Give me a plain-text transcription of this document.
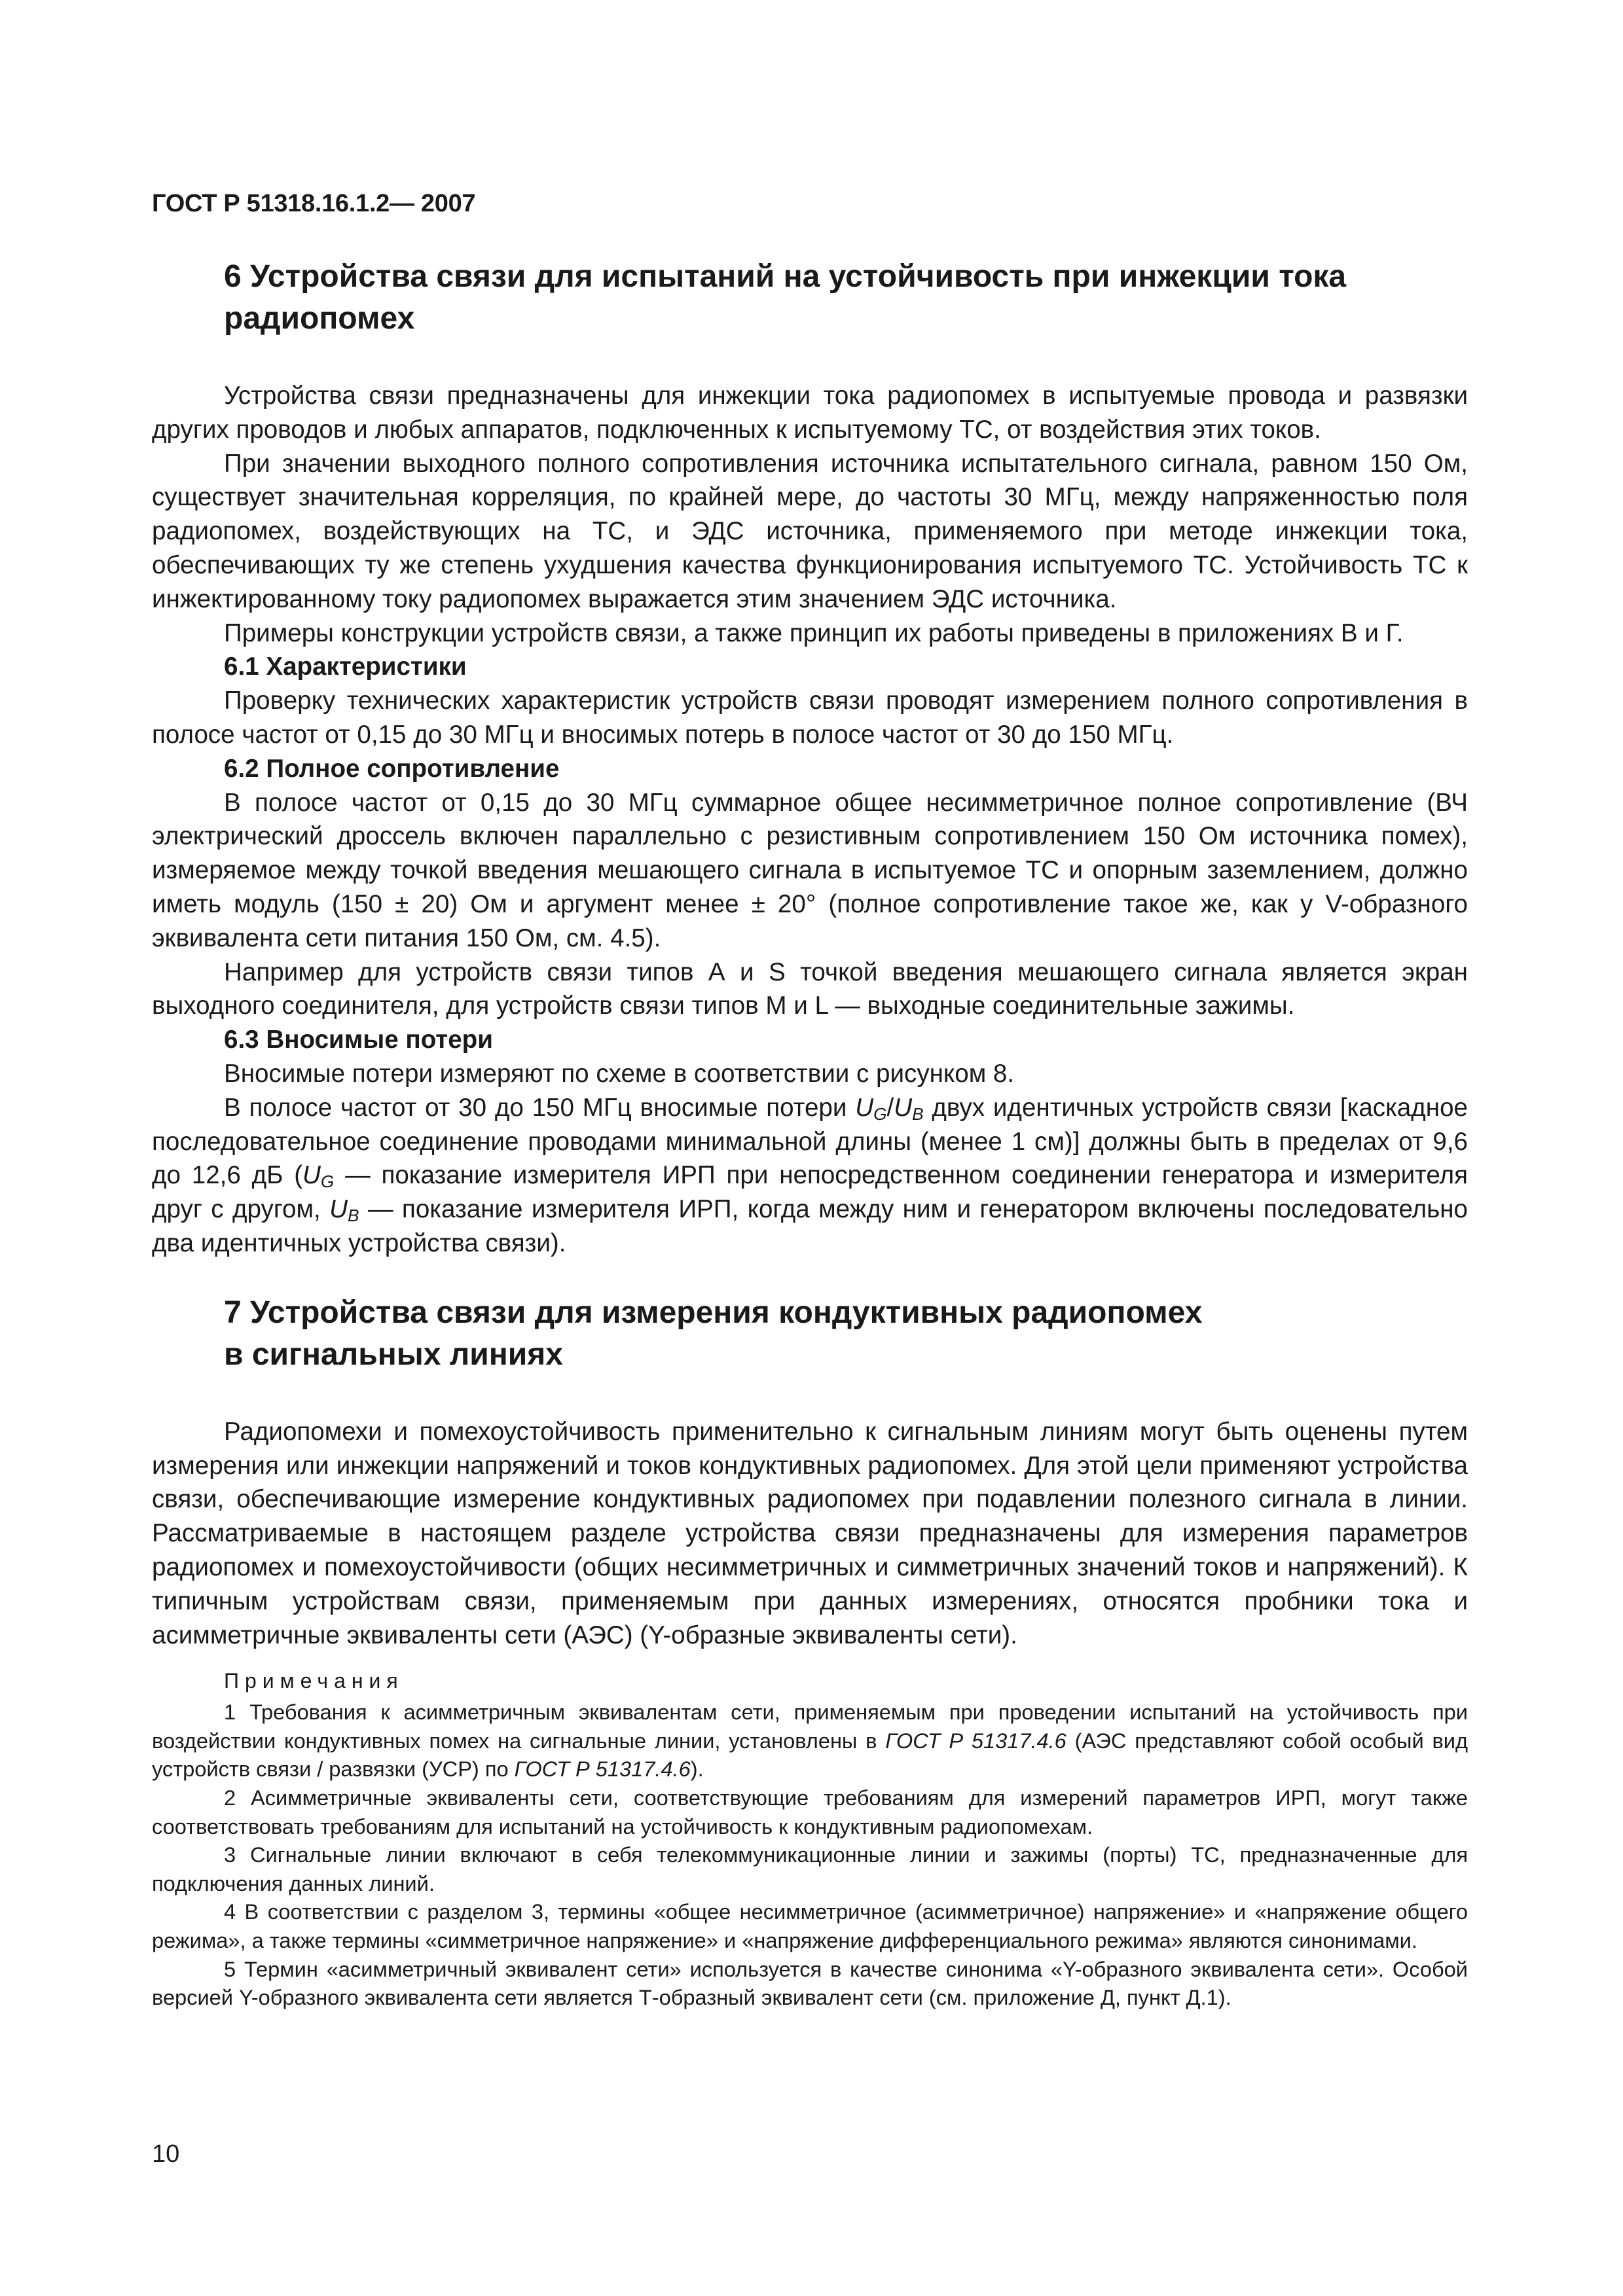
ГОСТ Р 51318.16.1.2— 2007
6 Устройства связи для испытаний на устойчивость при инжекции тока
радиопомех

Устройства связи предназначены для инжекции тока радиопомех в испытуемые провода и развязки других проводов и любых аппаратов, подключенных к испытуемому ТС, от воздействия этих токов.

При значении выходного полного сопротивления источника испытательного сигнала, равном 150 Ом, существует значительная корреляция, по крайней мере, до частоты 30 МГц, между напряженностью поля радиопомех, воздействующих на ТС, и ЭДС источника, применяемого при методе инжекции тока, обеспечивающих ту же степень ухудшения качества функционирования испытуемого ТС. Устойчивость ТС к инжектированному току радиопомех выражается этим значением ЭДС источника.

Примеры конструкции устройств связи, а также принцип их работы приведены в приложениях В и Г.

6.1 Характеристики

Проверку технических характеристик устройств связи проводят измерением полного сопротивления в полосе частот от 0,15 до 30 МГц и вносимых потерь в полосе частот от 30 до 150 МГц.

6.2 Полное сопротивление

В полосе частот от 0,15 до 30 МГц суммарное общее несимметричное полное сопротивление (ВЧ электрический дроссель включен параллельно с резистивным сопротивлением 150 Ом источника помех), измеряемое между точкой введения мешающего сигнала в испытуемое ТС и опорным заземлением, должно иметь модуль (150 ± 20) Ом и аргумент менее ± 20° (полное сопротивление такое же, как у V-образного эквивалента сети питания 150 Ом, см. 4.5).

Например для устройств связи типов А и S точкой введения мешающего сигнала является экран выходного соединителя, для устройств связи типов М и L — выходные соединительные зажимы.

6.3 Вносимые потери

Вносимые потери измеряют по схеме в соответствии с рисунком 8.

В полосе частот от 30 до 150 МГц вносимые потери $U_G/U_B$ двух идентичных устройств связи [каскадное последовательное соединение проводами минимальной длины (менее 1 см)] должны быть в пределах от 9,6 до 12,6 дБ ($U_G$ — показание измерителя ИРП при непосредственном соединении генератора и измерителя друг с другом, $U_B$ — показание измерителя ИРП, когда между ним и генератором включены последовательно два идентичных устройства связи).

7 Устройства связи для измерения кондуктивных радиопомех
в сигнальных линиях

Радиопомехи и помехоустойчивость применительно к сигнальным линиям могут быть оценены путем измерения или инжекции напряжений и токов кондуктивных радиопомех. Для этой цели применяют устройства связи, обеспечивающие измерение кондуктивных радиопомех при подавлении полезного сигнала в линии. Рассматриваемые в настоящем разделе устройства связи предназначены для измерения параметров радиопомех и помехоустойчивости (общих несимметричных и симметричных значений токов и напряжений). К типичным устройствам связи, применяемым при данных измерениях, относятся пробники тока и асимметричные эквиваленты сети (АЭС) (Y-образные эквиваленты сети).

Примечания

1 Требования к асимметричным эквивалентам сети, применяемым при проведении испытаний на устойчивость при воздействии кондуктивных помех на сигнальные линии, установлены в ГОСТ Р 51317.4.6 (АЭС представляют собой особый вид устройств связи / развязки (УСР) по ГОСТ Р 51317.4.6).

2 Асимметричные эквиваленты сети, соответствующие требованиям для измерений параметров ИРП, могут также соответствовать требованиям для испытаний на устойчивость к кондуктивным радиопомехам.

3 Сигнальные линии включают в себя телекоммуникационные линии и зажимы (порты) ТС, предназначенные для подключения данных линий.

4 В соответствии с разделом 3, термины «общее несимметричное (асимметричное) напряжение» и «напряжение общего режима», а также термины «симметричное напряжение» и «напряжение дифференциального режима» являются синонимами.

5 Термин «асимметричный эквивалент сети» используется в качестве синонима «Y-образного эквивалента сети». Особой версией Y-образного эквивалента сети является Т-образный эквивалент сети (см. приложение Д, пункт Д.1).

10
